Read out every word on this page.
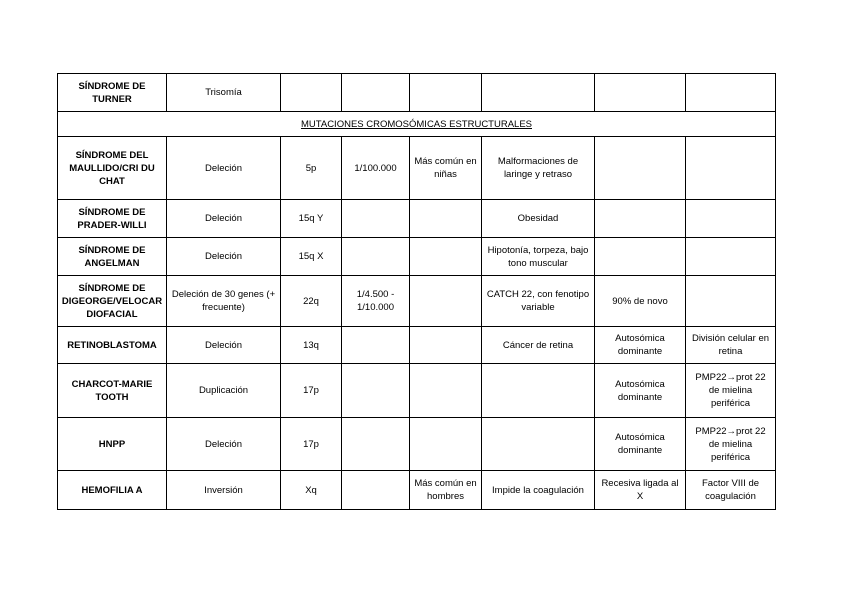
SÍNDROME DE TURNER	Trisomía						
MUTACIONES CROMOSÓMICAS ESTRUCTURALES							
SÍNDROME DEL MAULLIDO/CRI DU CHAT	Deleción	5p	1/100.000	Más común en niñas	Malformaciones de laringe y retraso		
SÍNDROME DE PRADER-WILLI	Deleción	15q Y			Obesidad		
SÍNDROME DE ANGELMAN	Deleción	15q X			Hipotonía, torpeza, bajo tono muscular		
SÍNDROME DE DIGEORGE/VELOCAR DIOFACIAL	Deleción de 30 genes (+ frecuente)	22q	1/4.500 - 1/10.000		CATCH 22, con fenotipo variable	90% de novo	
RETINOBLASTOMA	Deleción	13q			Cáncer de retina	Autosómica dominante	División celular en retina
CHARCOT-MARIE TOOTH	Duplicación	17p				Autosómica dominante	PMP22→prot 22 de mielina periférica
HNPP	Deleción	17p				Autosómica dominante	PMP22→prot 22 de mielina periférica
HEMOFILIA A	Inversión	Xq		Más común en hombres	Impide la coagulación	Recesiva ligada al X	Factor VIII de coagulación
